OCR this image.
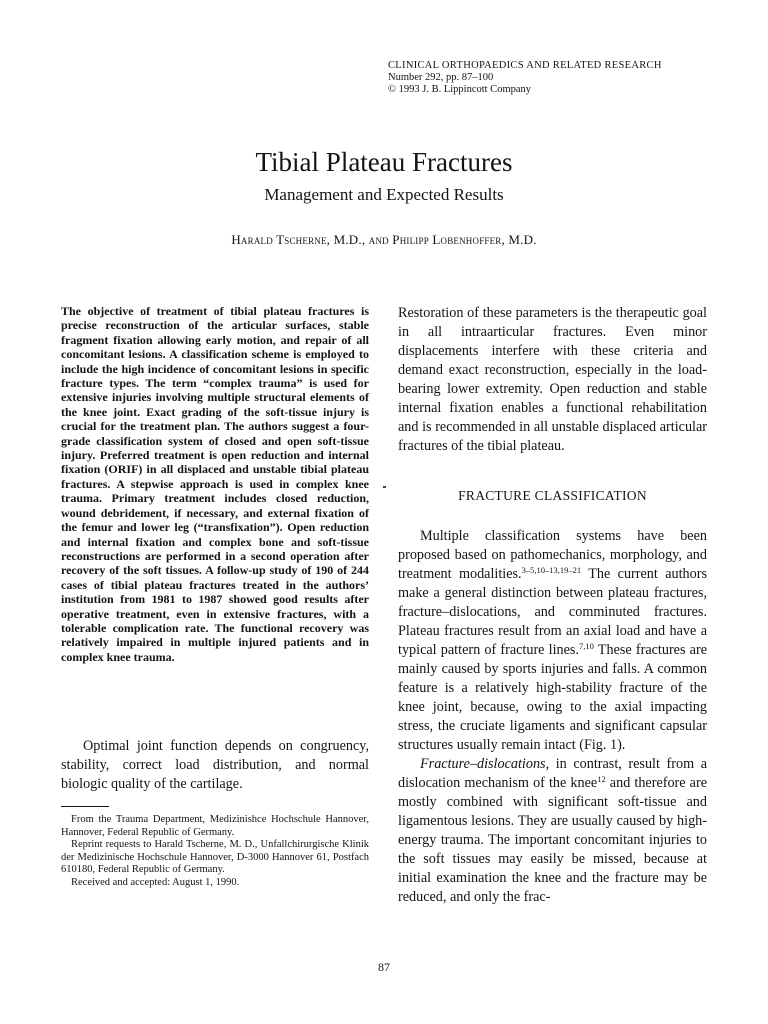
CLINICAL ORTHOPAEDICS AND RELATED RESEARCH
Number 292, pp. 87–100
© 1993 J. B. Lippincott Company
Tibial Plateau Fractures
Management and Expected Results
Harald Tscherne, M.D., and Philipp Lobenhoffer, M.D.
The objective of treatment of tibial plateau fractures is precise reconstruction of the articular surfaces, stable fragment fixation allowing early motion, and repair of all concomitant lesions. A classification scheme is employed to include the high incidence of concomitant lesions in specific fracture types. The term “complex trauma” is used for extensive injuries involving multiple structural elements of the knee joint. Exact grading of the soft-tissue injury is crucial for the treatment plan. The authors suggest a four-grade classification system of closed and open soft-tissue injury. Preferred treatment is open reduction and internal fixation (ORIF) in all displaced and unstable tibial plateau fractures. A stepwise approach is used in complex knee trauma. Primary treatment includes closed reduction, wound debridement, if necessary, and external fixation of the femur and lower leg (“transfixation”). Open reduction and internal fixation and complex bone and soft-tissue reconstructions are performed in a second operation after recovery of the soft tissues. A follow-up study of 190 of 244 cases of tibial plateau fractures treated in the authors’ institution from 1981 to 1987 showed good results after operative treatment, even in extensive fractures, with a tolerable complication rate. The functional recovery was relatively impaired in multiple injured patients and in complex knee trauma.
Optimal joint function depends on congruency, stability, correct load distribution, and normal biologic quality of the cartilage.

From the Trauma Department, Medizinishce Hochschule Hannover, Hannover, Federal Republic of Germany.

Reprint requests to Harald Tscherne, M. D., Unfallchirurgische Klinik der Medizinische Hochschule Hannover, D-3000 Hannover 61, Postfach 610180, Federal Republic of Germany.

Received and accepted: August 1, 1990.

Restoration of these parameters is the therapeutic goal in all intraarticular fractures. Even minor displacements interfere with these criteria and demand exact reconstruction, especially in the load-bearing lower extremity. Open reduction and stable internal fixation enables a functional rehabilitation and is recommended in all unstable displaced articular fractures of the tibial plateau.

FRACTURE CLASSIFICATION

Multiple classification systems have been proposed based on pathomechanics, morphology, and treatment modalities.$^{3-5,10-13,19-21}$ The current authors make a general distinction between plateau fractures, fracture–dislocations, and comminuted fractures. Plateau fractures result from an axial load and have a typical pattern of fracture lines.$^{7,10}$ These fractures are mainly caused by sports injuries and falls. A common feature is a relatively high-stability fracture of the knee joint, because, owing to the axial impacting stress, the cruciate ligaments and significant capsular structures usually remain intact (Fig. 1).

Fracture–dislocations, in contrast, result from a dislocation mechanism of the knee$^{12}$ and therefore are mostly combined with significant soft-tissue and ligamentous lesions. They are usually caused by high-energy trauma. The important concomitant injuries to the soft tissues may easily be missed, because at initial examination the knee and the fracture may be reduced, and only the frac-

87
